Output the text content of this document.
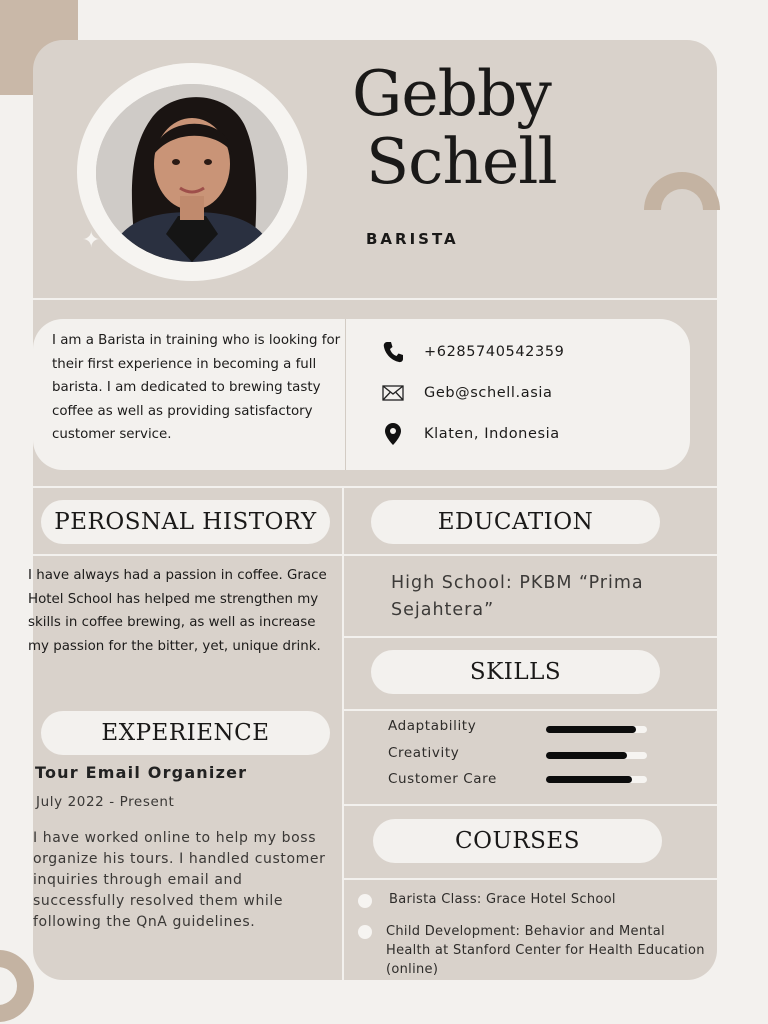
✦
Gebby
Schell
BARISTA
I am a Barista in training who is looking for their first experience in becoming a full barista. I am dedicated to brewing tasty coffee as well as providing satisfactory customer service.
+6285740542359
Geb@schell.asia
Klaten, Indonesia
PEROSNAL HISTORY	EDUCATION
SKILLS
EXPERIENCE
COURSES
I have always had a passion in coffee. Grace Hotel School has helped me strengthen my skills in coffee brewing, as well as increase my passion for the bitter, yet, unique drink.
High School: PKBM “Prima Sejahtera”
Adaptability
Creativity
Customer Care
Tour Email Organizer
July 2022 - Present
I have worked online to help my boss organize his tours. I handled customer inquiries through email and successfully resolved them while following the QnA guidelines.
Barista Class: Grace Hotel School
Child Development: Behavior and Mental Health at Stanford Center for Health Education (online)
